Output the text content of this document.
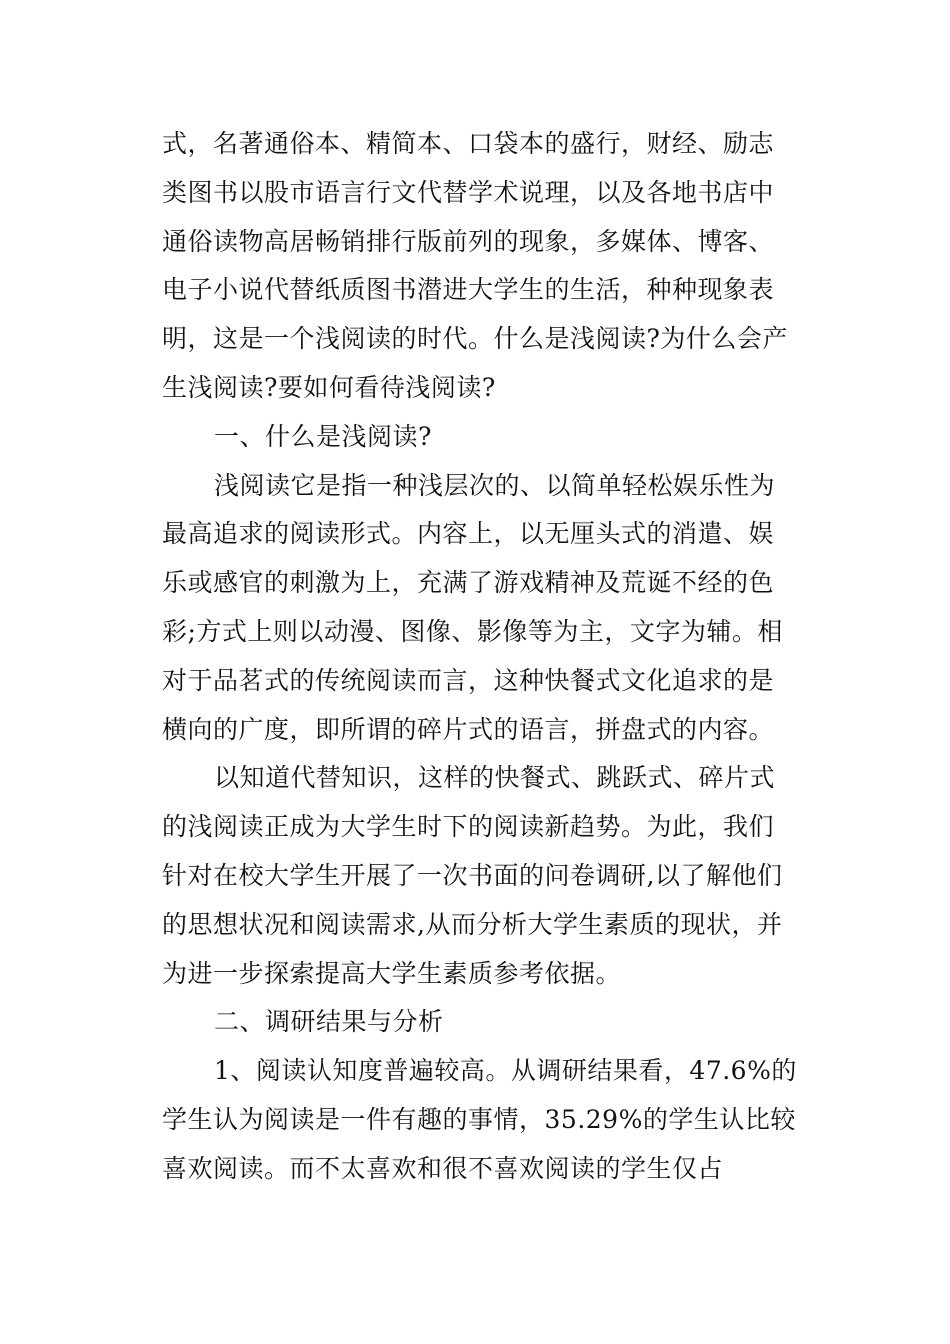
式，名著通俗本、精简本、口袋本的盛行，财经、励志
类图书以股市语言行文代替学术说理，以及各地书店中
通俗读物高居畅销排行版前列的现象，多媒体、博客、
电子小说代替纸质图书潜进大学生的生活，种种现象表
明，这是一个浅阅读的时代。什么是浅阅读?为什么会产
生浅阅读?要如何看待浅阅读?
一、什么是浅阅读?
浅阅读它是指一种浅层次的、以简单轻松娱乐性为
最高追求的阅读形式。内容上，以无厘头式的消遣、娱
乐或感官的刺激为上，充满了游戏精神及荒诞不经的色
彩;方式上则以动漫、图像、影像等为主，文字为辅。相
对于品茗式的传统阅读而言，这种快餐式文化追求的是
横向的广度，即所谓的碎片式的语言，拼盘式的内容。
以知道代替知识，这样的快餐式、跳跃式、碎片式
的浅阅读正成为大学生时下的阅读新趋势。为此，我们
针对在校大学生开展了一次书面的问卷调研,以了解他们
的思想状况和阅读需求,从而分析大学生素质的现状，并
为进一步探索提高大学生素质参考依据。
二、调研结果与分析
1、阅读认知度普遍较高。从调研结果看，47.6%的
学生认为阅读是一件有趣的事情，35.29%的学生认比较
喜欢阅读。而不太喜欢和很不喜欢阅读的学生仅占
